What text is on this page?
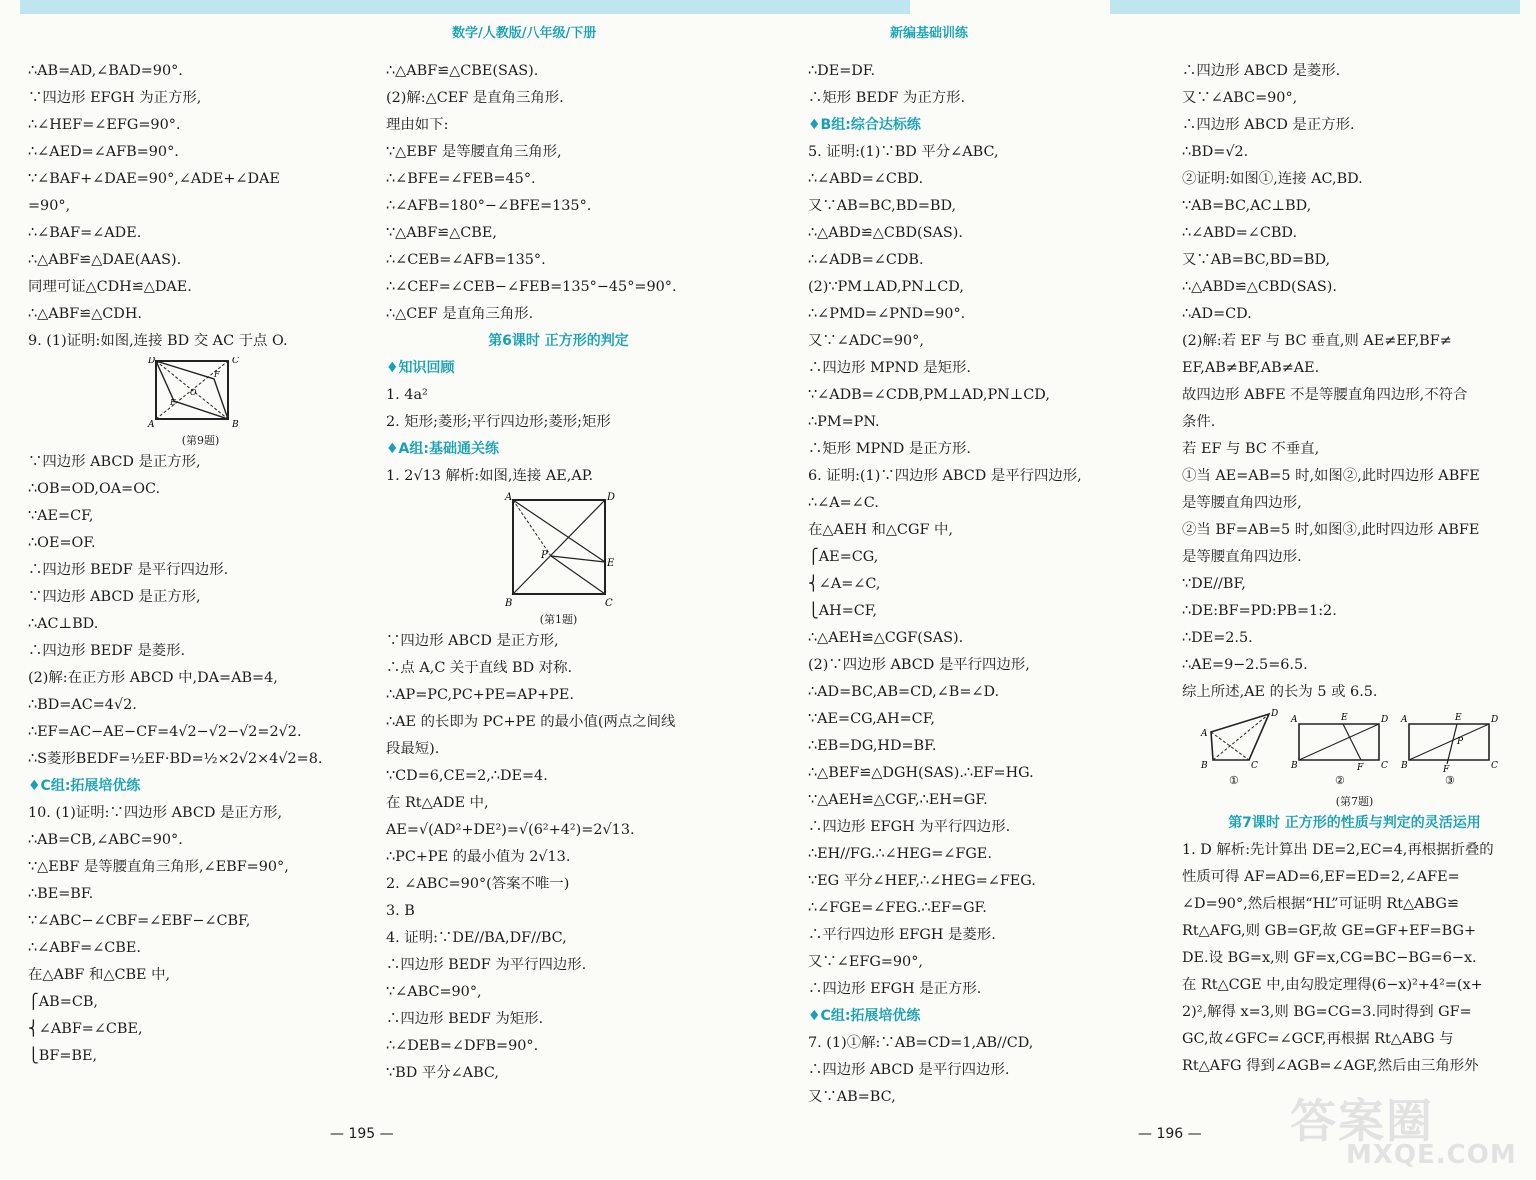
数学/人教版/八年级/下册	新编基础训练
∴AB=AD,∠BAD=90°.
∵四边形 EFGH 为正方形,
∴∠HEF=∠EFG=90°.
∴∠AED=∠AFB=90°.
∵∠BAF+∠DAE=90°,∠ADE+∠DAE
=90°,
∴∠BAF=∠ADE.
∴△ABF≌△DAE(AAS).
同理可证△CDH≌△DAE.
∴△ABF≌△CDH.
9. (1)证明:如图,连接 BD 交 AC 于点 O.
D	C
A	B
F
E
O
(第9题)
∵四边形 ABCD 是正方形,
∴OB=OD,OA=OC.
∵AE=CF,
∴OE=OF.
∴四边形 BEDF 是平行四边形.
∵四边形 ABCD 是正方形,
∴AC⊥BD.
∴四边形 BEDF 是菱形.
(2)解:在正方形 ABCD 中,DA=AB=4,
∴BD=AC=4√2.
∴EF=AC−AE−CF=4√2−√2−√2=2√2.
∴S菱形BEDF=½EF·BD=½×2√2×4√2=8.
♦C组:拓展培优练
10. (1)证明:∵四边形 ABCD 是正方形,
∴AB=CB,∠ABC=90°.
∵△EBF 是等腰直角三角形,∠EBF=90°,
∴BE=BF.
∵∠ABC−∠CBF=∠EBF−∠CBF,
∴∠ABF=∠CBE.
在△ABF 和△CBE 中,
⎧AB=CB,
⎨∠ABF=∠CBE,
⎩BF=BE,
∴△ABF≌△CBE(SAS).
(2)解:△CEF 是直角三角形.
理由如下:
∵△EBF 是等腰直角三角形,
∴∠BFE=∠FEB=45°.
∴∠AFB=180°−∠BFE=135°.
∵△ABF≌△CBE,
∴∠CEB=∠AFB=135°.
∴∠CEF=∠CEB−∠FEB=135°−45°=90°.
∴△CEF 是直角三角形.
第6课时 正方形的判定
♦知识回顾
1. 4a²
2. 矩形;菱形;平行四边形;菱形;矩形
♦A组:基础通关练
1. 2√13 解析:如图,连接 AE,AP.
A	D
B	C
E
P
(第1题)
∵四边形 ABCD 是正方形,
∴点 A,C 关于直线 BD 对称.
∴AP=PC,PC+PE=AP+PE.
∴AE 的长即为 PC+PE 的最小值(两点之间线
段最短).
∵CD=6,CE=2,∴DE=4.
在 Rt△ADE 中,
AE=√(AD²+DE²)=√(6²+4²)=2√13.
∴PC+PE 的最小值为 2√13.
2. ∠ABC=90°(答案不唯一)
3. B
4. 证明:∵DE//BA,DF//BC,
∴四边形 BEDF 为平行四边形.
∵∠ABC=90°,
∴四边形 BEDF 为矩形.
∴∠DEB=∠DFB=90°.
∵BD 平分∠ABC,
∴DE=DF.
∴矩形 BEDF 为正方形.
♦B组:综合达标练
5. 证明:(1)∵BD 平分∠ABC,
∴∠ABD=∠CBD.
又∵AB=BC,BD=BD,
∴△ABD≌△CBD(SAS).
∴∠ADB=∠CDB.
(2)∵PM⊥AD,PN⊥CD,
∴∠PMD=∠PND=90°.
又∵∠ADC=90°,
∴四边形 MPND 是矩形.
∵∠ADB=∠CDB,PM⊥AD,PN⊥CD,
∴PM=PN.
∴矩形 MPND 是正方形.
6. 证明:(1)∵四边形 ABCD 是平行四边形,
∴∠A=∠C.
在△AEH 和△CGF 中,
⎧AE=CG,
⎨∠A=∠C,
⎩AH=CF,
∴△AEH≌△CGF(SAS).
(2)∵四边形 ABCD 是平行四边形,
∴AD=BC,AB=CD,∠B=∠D.
∵AE=CG,AH=CF,
∴EB=DG,HD=BF.
∴△BEF≌△DGH(SAS).∴EF=HG.
∵△AEH≌△CGF,∴EH=GF.
∴四边形 EFGH 为平行四边形.
∴EH//FG.∴∠HEG=∠FGE.
∵EG 平分∠HEF,∴∠HEG=∠FEG.
∴∠FGE=∠FEG.∴EF=GF.
∴平行四边形 EFGH 是菱形.
又∵∠EFG=90°,
∴四边形 EFGH 是正方形.
♦C组:拓展培优练
7. (1)①解:∵AB=CD=1,AB//CD,
∴四边形 ABCD 是平行四边形.
又∵AB=BC,
∴四边形 ABCD 是菱形.
又∵∠ABC=90°,
∴四边形 ABCD 是正方形.
∴BD=√2.
②证明:如图①,连接 AC,BD.
∵AB=BC,AC⊥BD,
∴∠ABD=∠CBD.
又∵AB=BC,BD=BD,
∴△ABD≌△CBD(SAS).
∴AD=CD.
(2)解:若 EF 与 BC 垂直,则 AE≠EF,BF≠
EF,AB≠BF,AB≠AE.
故四边形 ABFE 不是等腰直角四边形,不符合
条件.
若 EF 与 BC 不垂直,
①当 AE=AB=5 时,如图②,此时四边形 ABFE
是等腰直角四边形,
②当 BF=AB=5 时,如图③,此时四边形 ABFE
是等腰直角四边形.
∵DE//BF,
∴DE:BF=PD:PB=1:2.
∴DE=2.5.
∴AE=9−2.5=6.5.
综上所述,AE 的长为 5 或 6.5.
A
D
B	C
①
A	D
B	C
E
F
②
A	D
B	C
E
P
F
③
(第7题)
第7课时 正方形的性质与判定的灵活运用
1. D 解析:先计算出 DE=2,EC=4,再根据折叠的
性质可得 AF=AD=6,EF=ED=2,∠AFE=
∠D=90°,然后根据“HL”可证明 Rt△ABG≌
Rt△AFG,则 GB=GF,故 GE=GF+EF=BG+
DE.设 BG=x,则 GF=x,CG=BC−BG=6−x.
在 Rt△CGE 中,由勾股定理得(6−x)²+4²=(x+
2)²,解得 x=3,则 BG=CG=3.同时得到 GF=
GC,故∠GFC=∠GCF,再根据 Rt△ABG 与
Rt△AFG 得到∠AGB=∠AGF,然后由三角形外
— 195 —	— 196 — 答案圈
MXQE.COM
